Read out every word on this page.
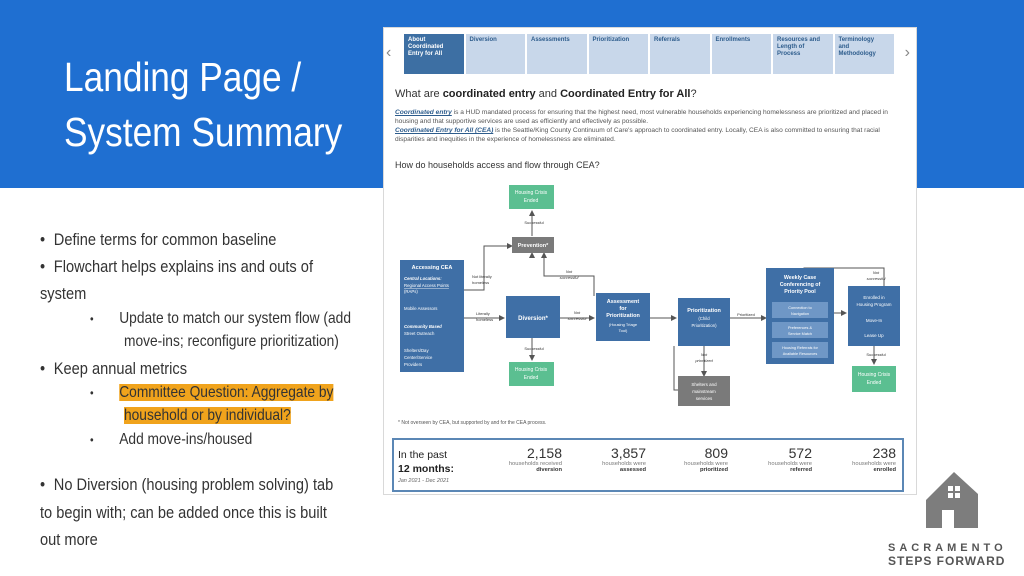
Landing Page /
System Summary
• Define terms for common baseline
• Flowchart helps explains ins and outs of
system
• Update to match our system flow (add
move-ins; reconfigure prioritization)
• Keep annual metrics
• Committee Question: Aggregate by
household or by individual?
• Add move-ins/housed
• No Diversion (housing problem solving) tab
to begin with; can be added once this is built
out more
‹	›
About
Coordinated
Entry for All
Diversion	Assessments	Prioritization	Referrals	Enrollments	Resources and
Length of
Process
Terminology
and
Methodology
What are coordinated entry and Coordinated Entry for All?
Coordinated entry is a HUD mandated process for ensuring that the highest need, most vulnerable households experiencing homelessness are prioritized and placed in housing and that supportive services are used as efficiently and effectively as possible.
Coordinated Entry for All (CEA) is the Seattle/King County Continuum of Care's approach to coordinated entry. Locally, CEA is also committed to ensuring that racial disparities and inequities in the experience of homelessness are eliminated.
How do households access and flow through CEA?
Housing Crisis
Ended
Successful
Prevention*
Not
successful
Accessing CEA
Central Locations:
Regional Access Points
(RAPs)
Mobile Assessors
Community Based
Street Outreach
Shelters/Day
Center/Service
Providers
Not literally
homeless
Literally
homeless	Diversion*
Successful
Not
successful
Housing Crisis
Ended
Assessment
for
Prioritization
(Housing Triage
Tool)
Prioritization
(Child
Prioritization)
Prioritized
Not
prioritized
Shelters and
mainstream
services
Weekly Case
Conferencing of
Priority Pool
Connection to
Navigation
Preferences &
Service Match
Housing Referrals for
Available Resources
Not
successful
Enrolled in
Housing Program
Move-In
Lease Up
Successful
Housing Crisis
Ended
* Not overseen by CEA, but supported by and for the CEA process.
In the past
12 months:
Jan 2021 - Dec 2021
2,158
households received
diversion
3,857
households were
assessed
809
households were
prioritized
572
households were
referred
238
households were
enrolled
SACRAMENTO
STEPS FORWARD
